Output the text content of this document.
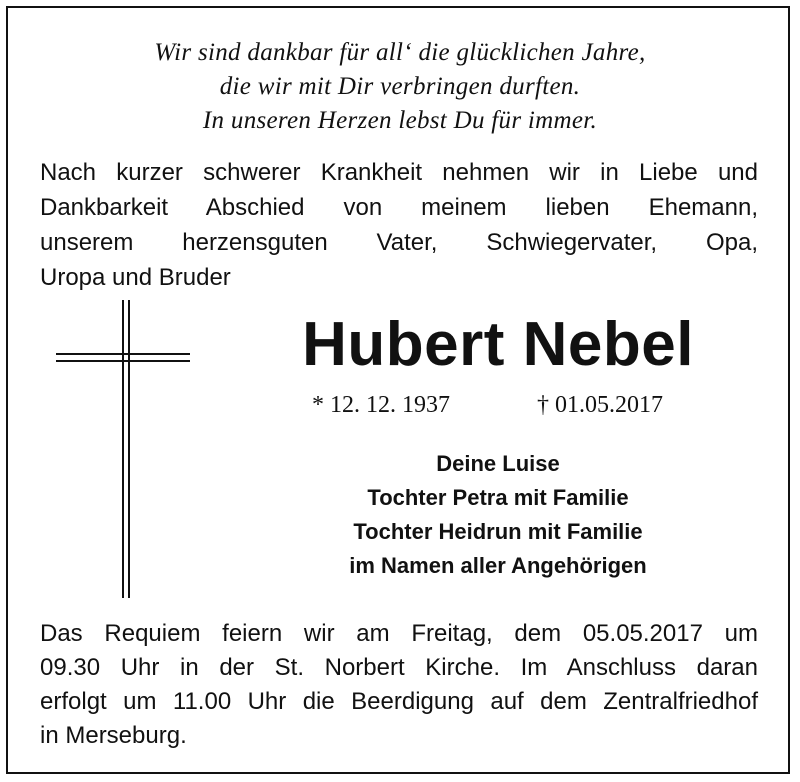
Wir sind dankbar für all‘ die glücklichen Jahre,
die wir mit Dir verbringen durften.
In unseren Herzen lebst Du für immer.
Nach kurzer schwerer Krankheit nehmen wir in Liebe und
Dankbarkeit Abschied von meinem lieben Ehemann,
unserem herzensguten Vater, Schwiegervater, Opa,
Uropa und Bruder
Hubert Nebel
* 12. 12. 1937	† 01.05.2017
Deine Luise
Tochter Petra mit Familie
Tochter Heidrun mit Familie
im Namen aller Angehörigen
Das Requiem feiern wir am Freitag, dem 05.05.2017 um
09.30 Uhr in der St. Norbert Kirche. Im Anschluss daran
erfolgt um 11.00 Uhr die Beerdigung auf dem Zentralfriedhof
in Merseburg.
